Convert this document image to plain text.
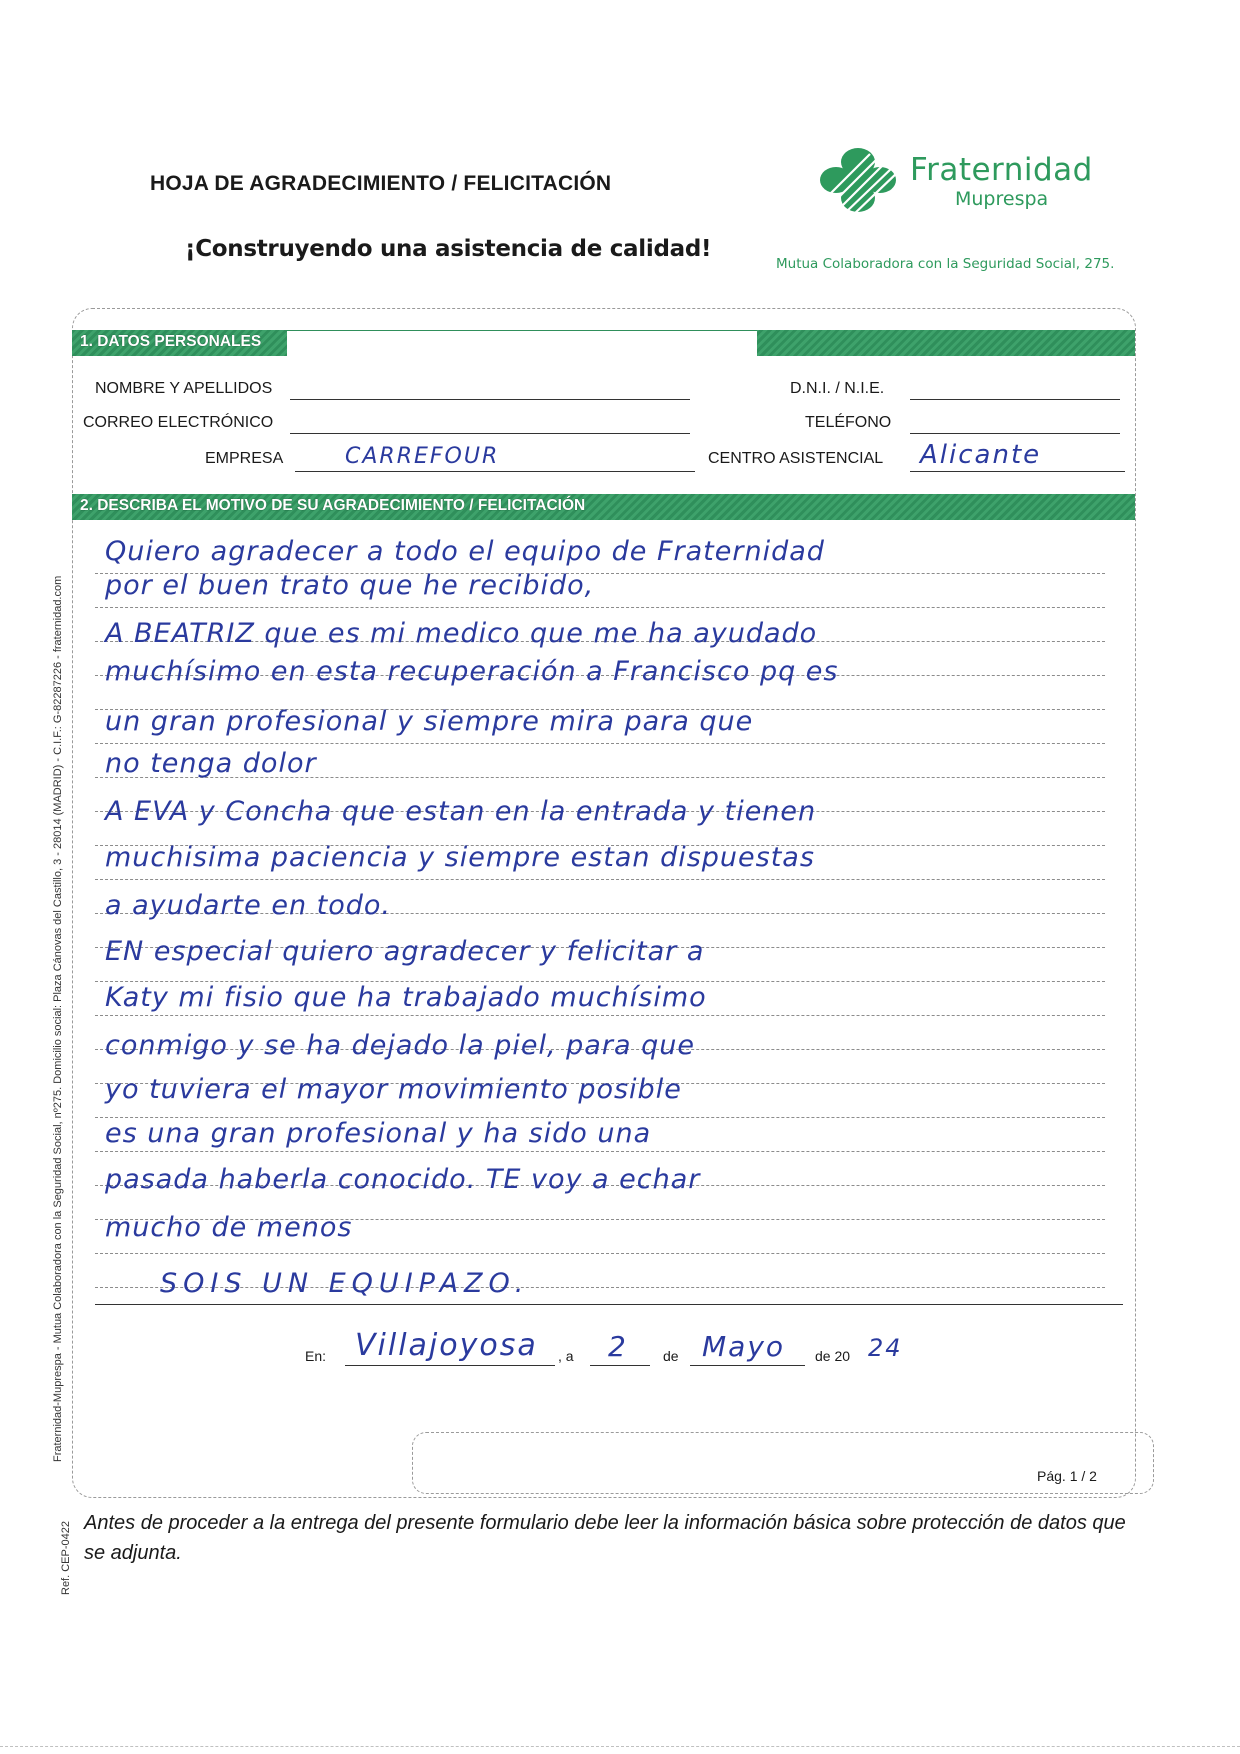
HOJA DE AGRADECIMIENTO / FELICITACIÓN
¡Construyendo una asistencia de calidad!
Fraternidad
Muprespa
Mutua Colaboradora con la Seguridad Social, 275.
Fraternidad-Muprespa - Mutua Colaboradora con la Seguridad Social, nº275. Domicilio social: Plaza Cánovas del Castillo, 3 - 28014 (MADRID) - C.I.F.: G-82287226 - fraternidad.com
Ref. CEP-0422
1. DATOS PERSONALES
NOMBRE Y APELLIDOS	D.N.I. / N.I.E.
CORREO ELECTRÓNICO	TELÉFONO
EMPRESA	CARREFOUR	CENTRO ASISTENCIAL Alicante
2. DESCRIBA EL MOTIVO DE SU AGRADECIMIENTO / FELICITACIÓN
Quiero agradecer a todo el equipo de Fraternidad
por el buen trato que he recibido,
A BEATRIZ que es mi medico que me ha ayudado
muchísimo en esta recuperación a Francisco pq es
un gran profesional y siempre mira para que
no tenga dolor
A EVA y Concha que estan en la entrada y tienen
muchisima paciencia y siempre estan dispuestas
a ayudarte en todo.
EN especial quiero agradecer y felicitar a
Katy mi fisio que ha trabajado muchísimo
conmigo y se ha dejado la piel, para que
yo tuviera el mayor movimiento posible
es una gran profesional y ha sido una
pasada haberla conocido. TE voy a echar
mucho de menos
SOIS UN EQUIPAZO.
En: Villajoyosa , a 2	de Mayo de 20 24
Pág. 1 / 2
Antes de proceder a la entrega del presente formulario debe leer la información básica sobre protección de datos que se adjunta.
